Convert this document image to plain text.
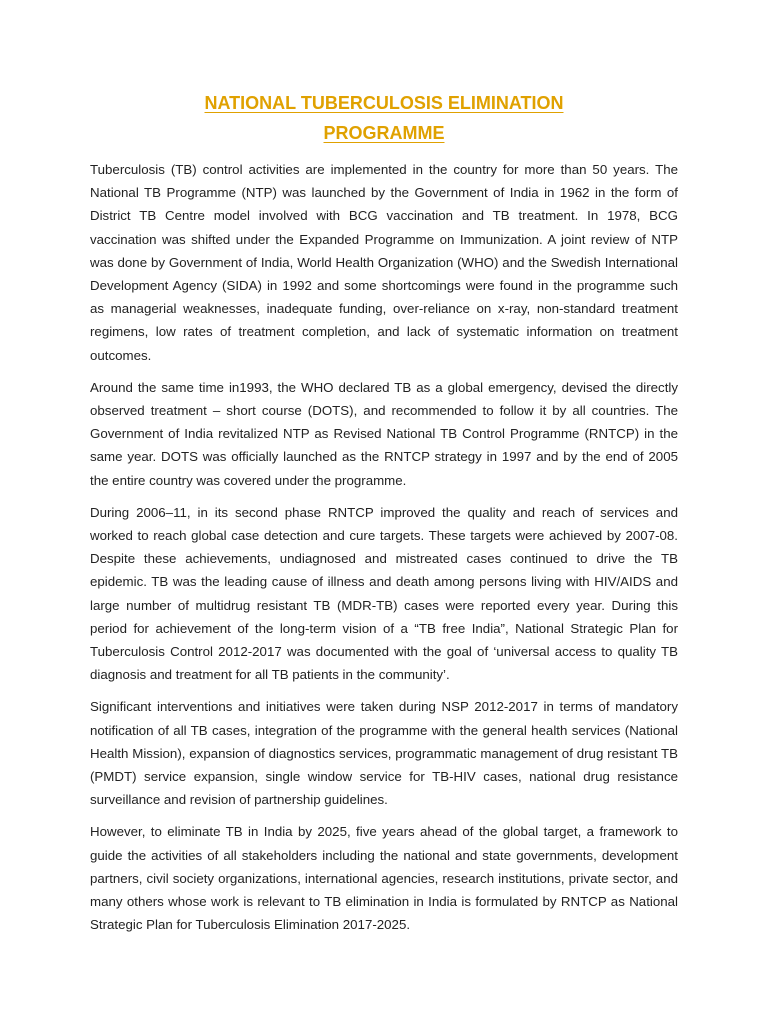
NATIONAL TUBERCULOSIS ELIMINATION
PROGRAMME

Tuberculosis (TB) control activities are implemented in the country for more than 50 years. The National TB Programme (NTP) was launched by the Government of India in 1962 in the form of District TB Centre model involved with BCG vaccination and TB treatment. In 1978, BCG vaccination was shifted under the Expanded Programme on Immunization. A joint review of NTP was done by Government of India, World Health Organization (WHO) and the Swedish International Development Agency (SIDA) in 1992 and some shortcomings were found in the programme such as managerial weaknesses, inadequate funding, over-reliance on x-ray, non-standard treatment regimens, low rates of treatment completion, and lack of systematic information on treatment outcomes.

Around the same time in1993, the WHO declared TB as a global emergency, devised the directly observed treatment – short course (DOTS), and recommended to follow it by all countries. The Government of India revitalized NTP as Revised National TB Control Programme (RNTCP) in the same year. DOTS was officially launched as the RNTCP strategy in 1997 and by the end of 2005 the entire country was covered under the programme.

During 2006–11, in its second phase RNTCP improved the quality and reach of services and worked to reach global case detection and cure targets. These targets were achieved by 2007-08. Despite these achievements, undiagnosed and mistreated cases continued to drive the TB epidemic. TB was the leading cause of illness and death among persons living with HIV/AIDS and large number of multidrug resistant TB (MDR-TB) cases were reported every year. During this period for achievement of the long-term vision of a “TB free India”, National Strategic Plan for Tuberculosis Control 2012-2017 was documented with the goal of ‘universal access to quality TB diagnosis and treatment for all TB patients in the community’.

Significant interventions and initiatives were taken during NSP 2012-2017 in terms of mandatory notification of all TB cases, integration of the programme with the general health services (National Health Mission), expansion of diagnostics services, programmatic management of drug resistant TB (PMDT) service expansion, single window service for TB-HIV cases, national drug resistance surveillance and revision of partnership guidelines.

However, to eliminate TB in India by 2025, five years ahead of the global target, a framework to guide the activities of all stakeholders including the national and state governments, development partners, civil society organizations, international agencies, research institutions, private sector, and many others whose work is relevant to TB elimination in India is formulated by RNTCP as National Strategic Plan for Tuberculosis Elimination 2017-2025.
